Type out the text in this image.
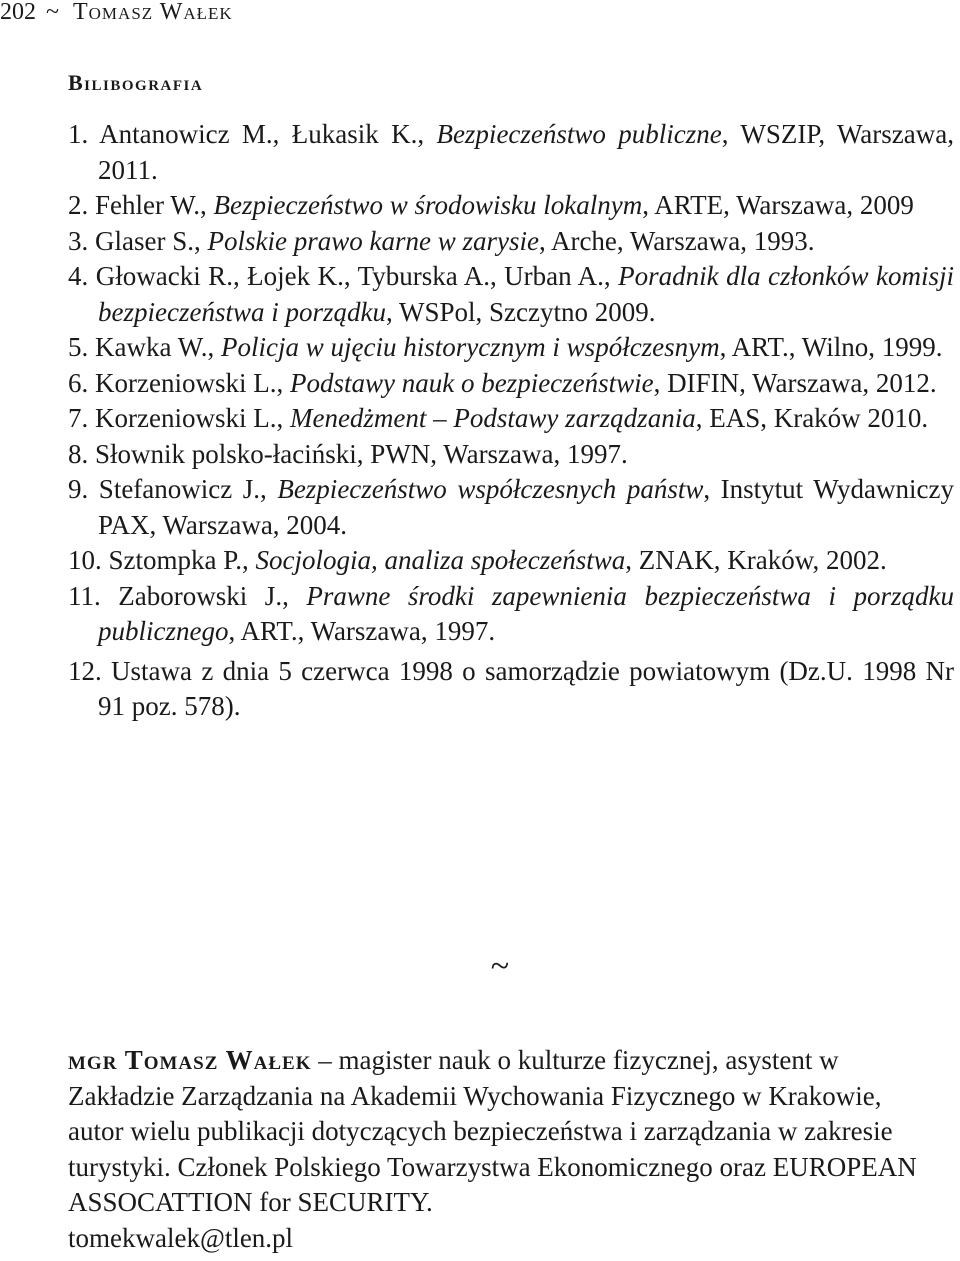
202 ~ Tomasz Wałek
Bilibografia
1. Antanowicz M., Łukasik K., Bezpieczeństwo publiczne, WSZIP, Warszawa, 2011.
2. Fehler W., Bezpieczeństwo w środowisku lokalnym, ARTE, Warszawa, 2009
3. Glaser S., Polskie prawo karne w zarysie, Arche, Warszawa, 1993.
4. Głowacki R., Łojek K., Tyburska A., Urban A., Poradnik dla członków komisji bezpieczeństwa i porządku, WSPol, Szczytno 2009.
5. Kawka W., Policja w ujęciu historycznym i współczesnym, ART., Wilno, 1999.
6. Korzeniowski L., Podstawy nauk o bezpieczeństwie, DIFIN, Warszawa, 2012.
7. Korzeniowski L., Menedżment – Podstawy zarządzania, EAS, Kraków 2010.
8. Słownik polsko-łaciński, PWN, Warszawa, 1997.
9. Stefanowicz J., Bezpieczeństwo współczesnych państw, Instytut Wydawniczy PAX, Warszawa, 2004.
10. Sztompka P., Socjologia, analiza społeczeństwa, ZNAK, Kraków, 2002.
11. Zaborowski J., Prawne środki zapewnienia bezpieczeństwa i porządku publicznego, ART., Warszawa, 1997.
12. Ustawa z dnia 5 czerwca 1998 o samorządzie powiatowym (Dz.U. 1998 Nr 91 poz. 578).
~
mgr Tomasz Wałek – magister nauk o kulturze fizycznej, asystent w Zakładzie Zarządzania na Akademii Wychowania Fizycznego w Krakowie, autor wielu publikacji dotyczących bezpieczeństwa i zarządzania w zakresie turystyki. Członek Polskiego Towarzystwa Ekonomicznego oraz EUROPEAN ASSOCATTION for SECURITY.
tomekwalek@tlen.pl
